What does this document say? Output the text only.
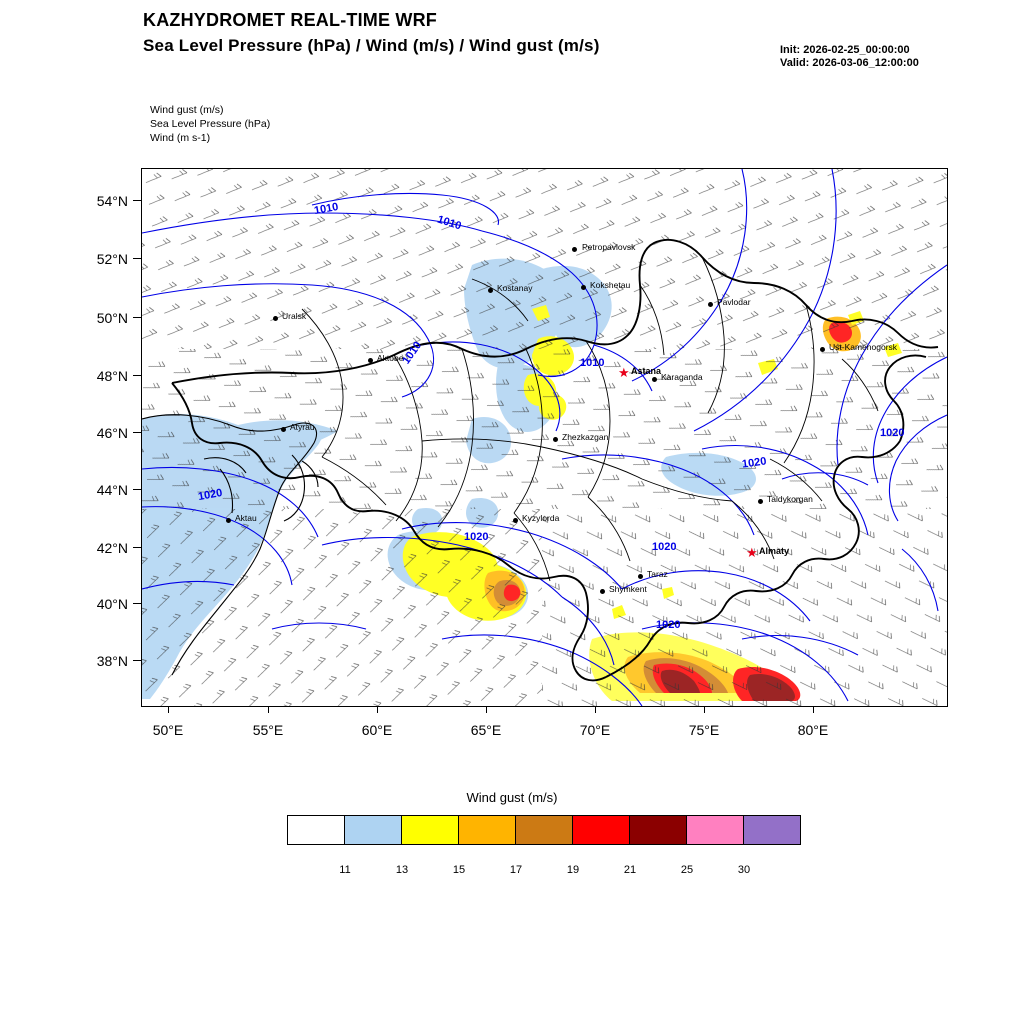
KAZHYDROMET REAL-TIME WRF
Sea Level Pressure (hPa) / Wind (m/s) / Wind gust (m/s)	Init: 2026-02-25_00:00:00
Valid: 2026-03-06_12:00:00
Wind gust (m/s)
Sea Level Pressure (hPa)
Wind (m s-1)
54°N
52°N
50°N
48°N
46°N
44°N
42°N
40°N
38°N
50°E	55°E	60°E	65°E	70°E	75°E	80°E
1010
1010
1010	1010
1020
1020
1020
1020
1020
1020
Petropavlovsk
Kostanay	Kokshetau
Pavlodar
Uralsk
Aktobe
Karaganda
Ust-Kamenogorsk
Atyrau
Zhezkazgan
Taldykorgan
Aktau	Kyzylorda
Taraz
Shymkent
★ Astana
★ Almaty
Wind gust (m/s)
11	13	15	17	19	21	25	30
